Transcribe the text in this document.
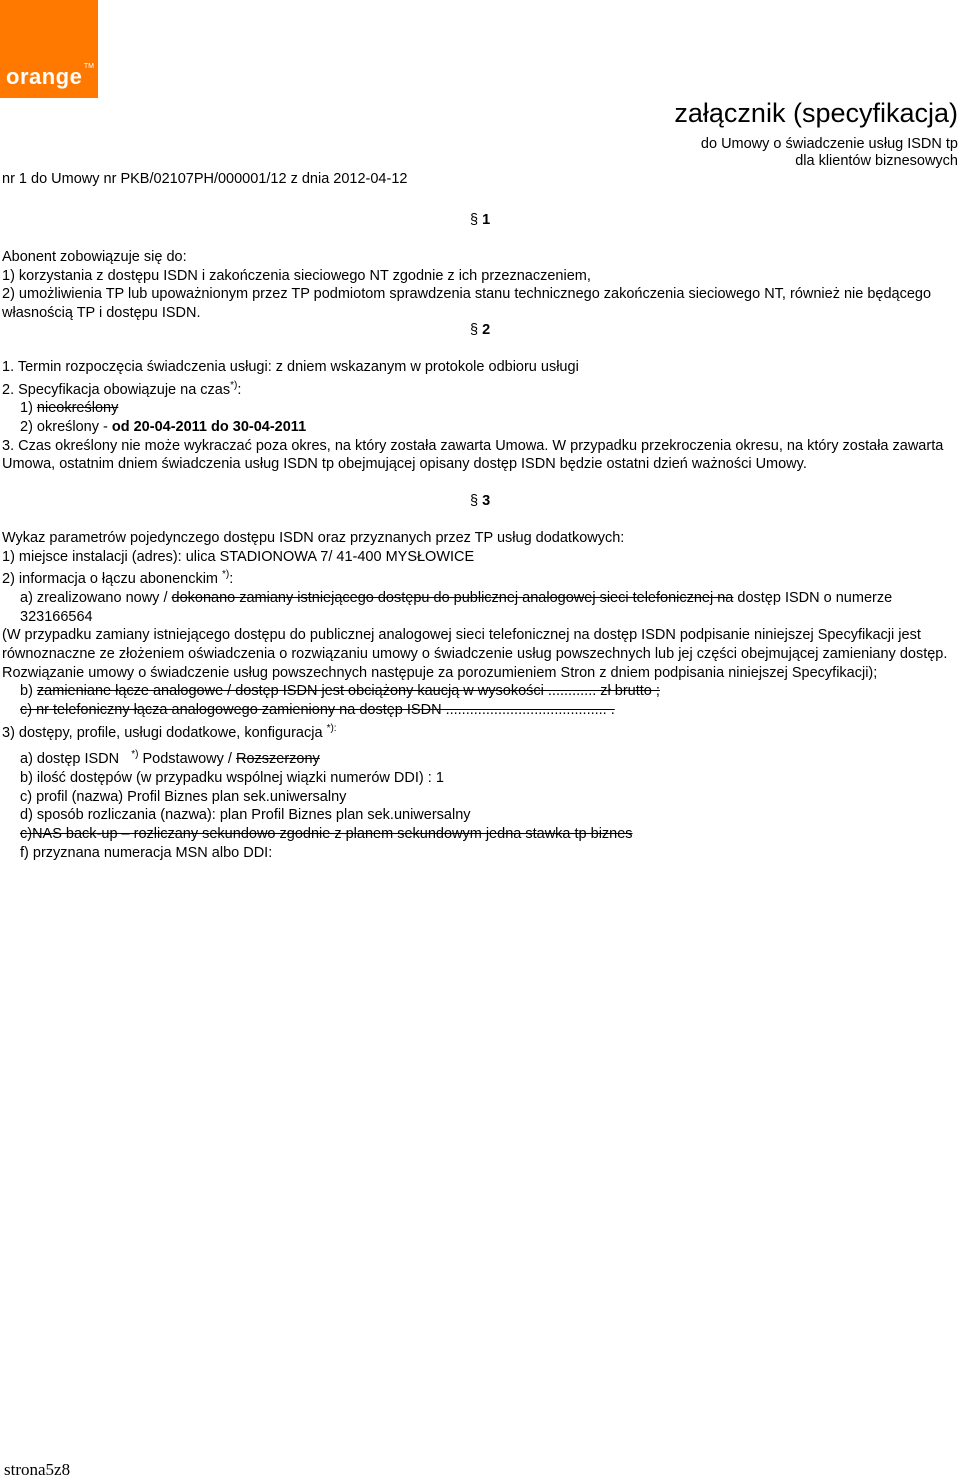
orange TM
załącznik (specyfikacja)
do Umowy o świadczenie usług ISDN tp
dla klientów biznesowych
nr 1 do Umowy nr PKB/02107PH/000001/12 z dnia 2012-04-12
§ 1
Abonent zobowiązuje się do:
1) korzystania z dostępu ISDN i zakończenia sieciowego NT zgodnie z ich przeznaczeniem,
2) umożliwienia TP lub upoważnionym przez TP podmiotom sprawdzenia stanu technicznego zakończenia sieciowego NT, również nie będącego własnością TP i dostępu ISDN.
§ 2
1. Termin rozpoczęcia świadczenia usługi: z dniem wskazanym w protokole odbioru usługi
2. Specyfikacja obowiązuje na czas*):
1) nieokreślony
2) określony - od 20-04-2011 do 30-04-2011
3. Czas określony nie może wykraczać poza okres, na który została zawarta Umowa. W przypadku przekroczenia okresu, na który została zawarta Umowa, ostatnim dniem świadczenia usług ISDN tp obejmującej opisany dostęp ISDN będzie ostatni dzień ważności Umowy.
§ 3
Wykaz parametrów pojedynczego dostępu ISDN oraz przyznanych przez TP usług dodatkowych:
1) miejsce instalacji (adres): ulica STADIONOWA 7/ 41-400 MYSŁOWICE
2) informacja o łączu abonenckim *):
a) zrealizowano nowy / dokonano zamiany istniejącego dostępu do publicznej analogowej sieci telefonicznej na dostęp ISDN o numerze 323166564
(W przypadku zamiany istniejącego dostępu do publicznej analogowej sieci telefonicznej na dostęp ISDN podpisanie niniejszej Specyfikacji jest równoznaczne ze złożeniem oświadczenia o rozwiązaniu umowy o świadczenie usług powszechnych lub jej części obejmującej zamieniany dostęp. Rozwiązanie umowy o świadczenie usług powszechnych następuje za porozumieniem Stron z dniem podpisania niniejszej Specyfikacji);
b) zamieniane łącze analogowe / dostęp ISDN jest obciążony kaucją w wysokości ............ zł brutto ;
c) nr telefoniczny łącza analogowego zamieniony na dostęp ISDN ........................................ .
3) dostępy, profile, usługi dodatkowe, konfiguracja *):
a) dostęp ISDN *) Podstawowy / Rozszerzony
b) ilość dostępów (w przypadku wspólnej wiązki numerów DDI) : 1
c) profil (nazwa) Profil Biznes plan sek.uniwersalny
d) sposób rozliczania (nazwa): plan Profil Biznes plan sek.uniwersalny
c)NAS back-up – rozliczany sekundowo zgodnie z planem sekundowym jedna stawka tp biznes
f) przyznana numeracja MSN albo DDI:
strona5z8
